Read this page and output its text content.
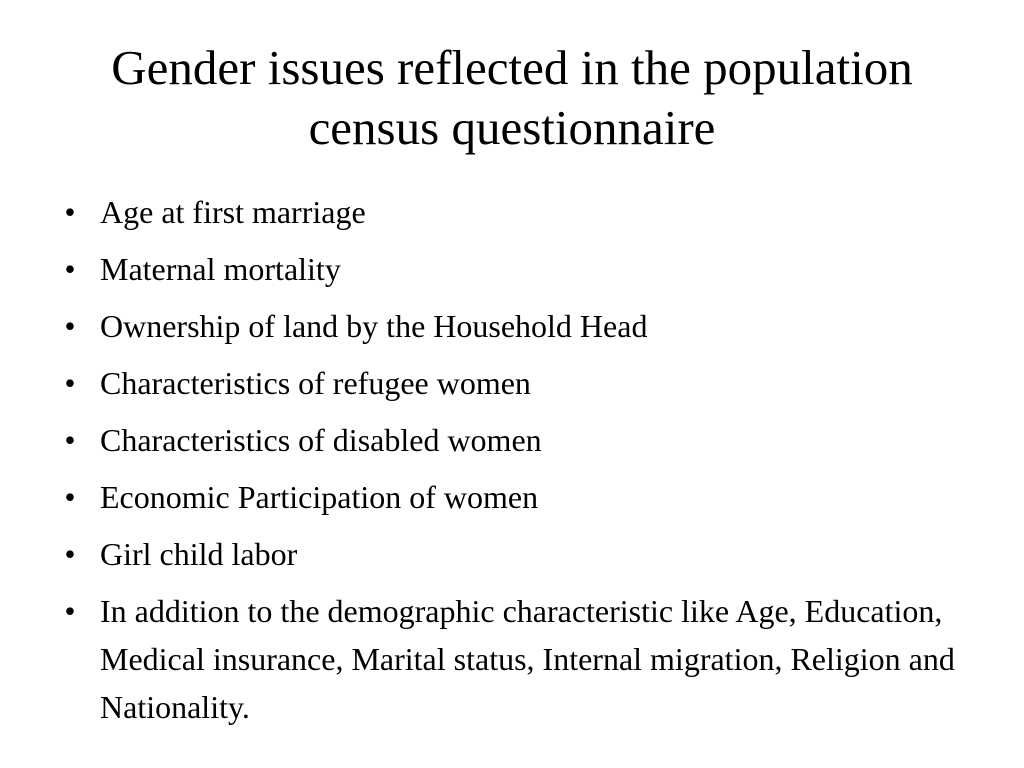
Gender issues reflected in the population census questionnaire
• Age at first marriage
• Maternal mortality
• Ownership of land by the Household Head
• Characteristics of refugee women
• Characteristics of disabled women
• Economic Participation of women
• Girl child labor
• In addition to the demographic characteristic like Age, Education, Medical insurance, Marital status, Internal migration, Religion and Nationality.
